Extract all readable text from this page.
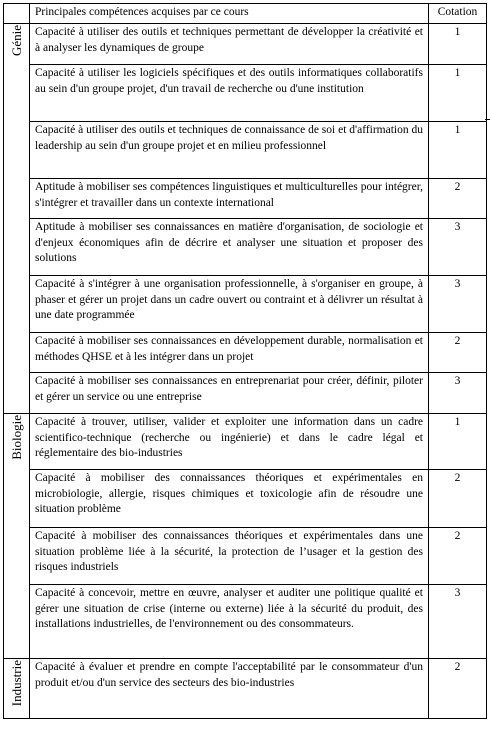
	Principales compétences acquises par ce cours	Cotation
Génie	Capacité à utiliser des outils et techniques permettant de développer la créativité et à analyser les dynamiques de groupe	1
	Capacité à utiliser les logiciels spécifiques et des outils informatiques collaboratifs au sein d'un groupe projet, d'un travail de recherche ou d'une institution	1
	Capacité à utiliser des outils et techniques de connaissance de soi et d'affirmation du leadership au sein d'un groupe projet et en milieu professionnel	1
	Aptitude à mobiliser ses compétences linguistiques et multiculturelles pour intégrer, s'intégrer et travailler dans un contexte international	2
	Aptitude à mobiliser ses connaissances en matière d'organisation, de sociologie et d'enjeux économiques afin de décrire et analyser une situation et proposer des solutions	3
	Capacité à s'intégrer à une organisation professionnelle, à s'organiser en groupe, à phaser et gérer un projet dans un cadre ouvert ou contraint et à délivrer un résultat à une date programmée	3
	Capacité à mobiliser ses connaissances en développement durable, normalisation et méthodes QHSE et à les intégrer dans un projet	2
	Capacité à mobiliser ses connaissances en entreprenariat pour créer, définir, piloter et gérer un service ou une entreprise	3
Biologie	Capacité à trouver, utiliser, valider et exploiter une information dans un cadre scientifico-technique (recherche ou ingénierie) et dans le cadre légal et réglementaire des bio-industries	1
	Capacité à mobiliser des connaissances théoriques et expérimentales en microbiologie, allergie, risques chimiques et toxicologie afin de résoudre une situation problème	2
	Capacité à mobiliser des connaissances théoriques et expérimentales dans une situation problème liée à la sécurité, la protection de l’usager et la gestion des risques industriels	2
	Capacité à concevoir, mettre en œuvre, analyser et auditer une politique qualité et gérer une situation de crise (interne ou externe) liée à la sécurité du produit, des installations industrielles, de l'environnement ou des consommateurs.	3
Industrie	Capacité à évaluer et prendre en compte l'acceptabilité par le consommateur d'un produit et/ou d'un service des secteurs des bio-industries	2
